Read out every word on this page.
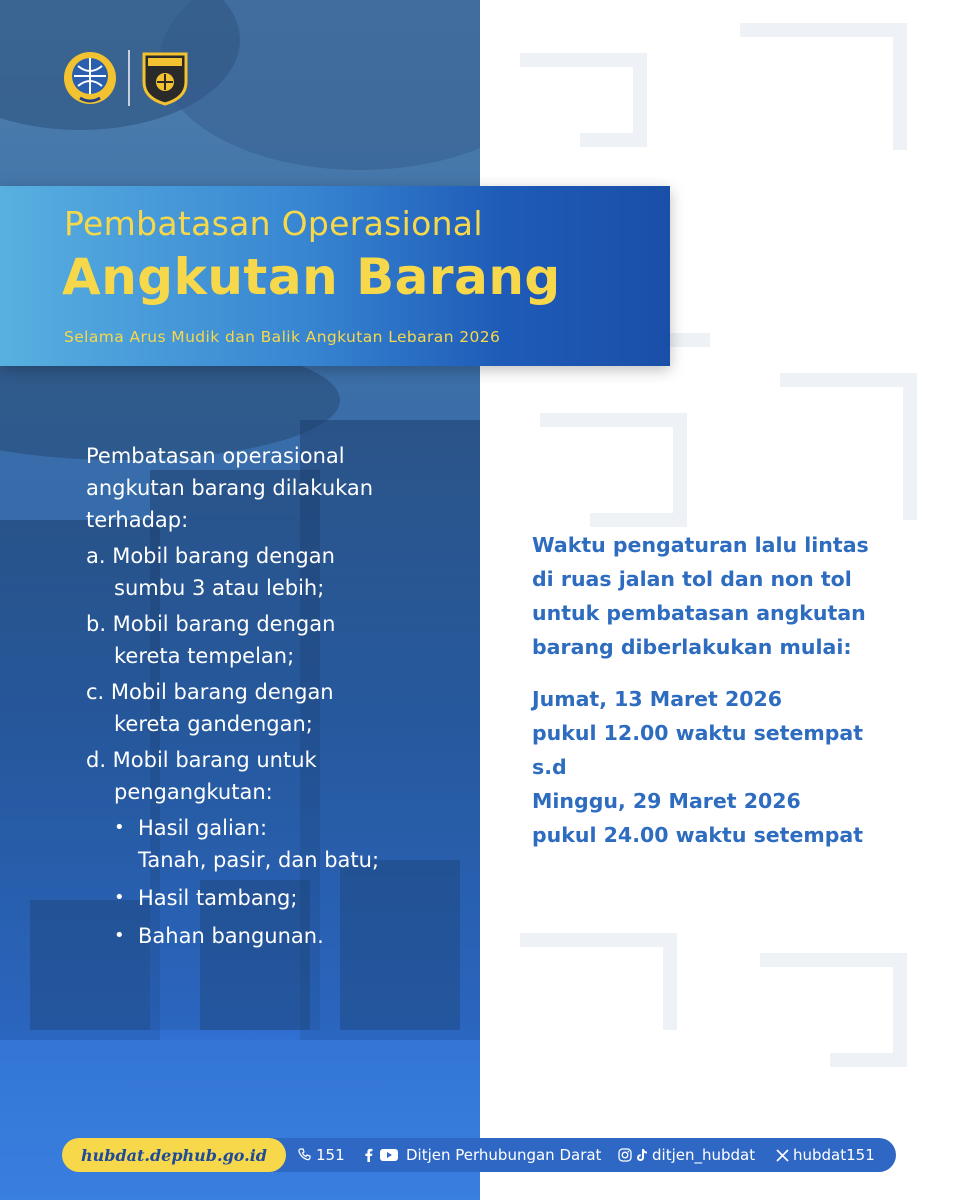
Pembatasan Operasional
Angkutan Barang
Selama Arus Mudik dan Balik Angkutan Lebaran 2026
Pembatasan operasional
angkutan barang dilakukan
terhadap:
a. Mobil barang dengan
sumbu 3 atau lebih;
b. Mobil barang dengan
kereta tempelan;
c. Mobil barang dengan
kereta gandengan;
d. Mobil barang untuk
pengangkutan:
• Hasil galian:
Tanah, pasir, dan batu;
• Hasil tambang;
• Bahan bangunan.
Waktu pengaturan lalu lintas
di ruas jalan tol dan non tol
untuk pembatasan angkutan
barang diberlakukan mulai:
Jumat, 13 Maret 2026
pukul 12.00 waktu setempat
s.d
Minggu, 29 Maret 2026
pukul 24.00 waktu setempat
hubdat.dephub.go.id	151	Ditjen Perhubungan Darat	ditjen_hubdat	hubdat151
